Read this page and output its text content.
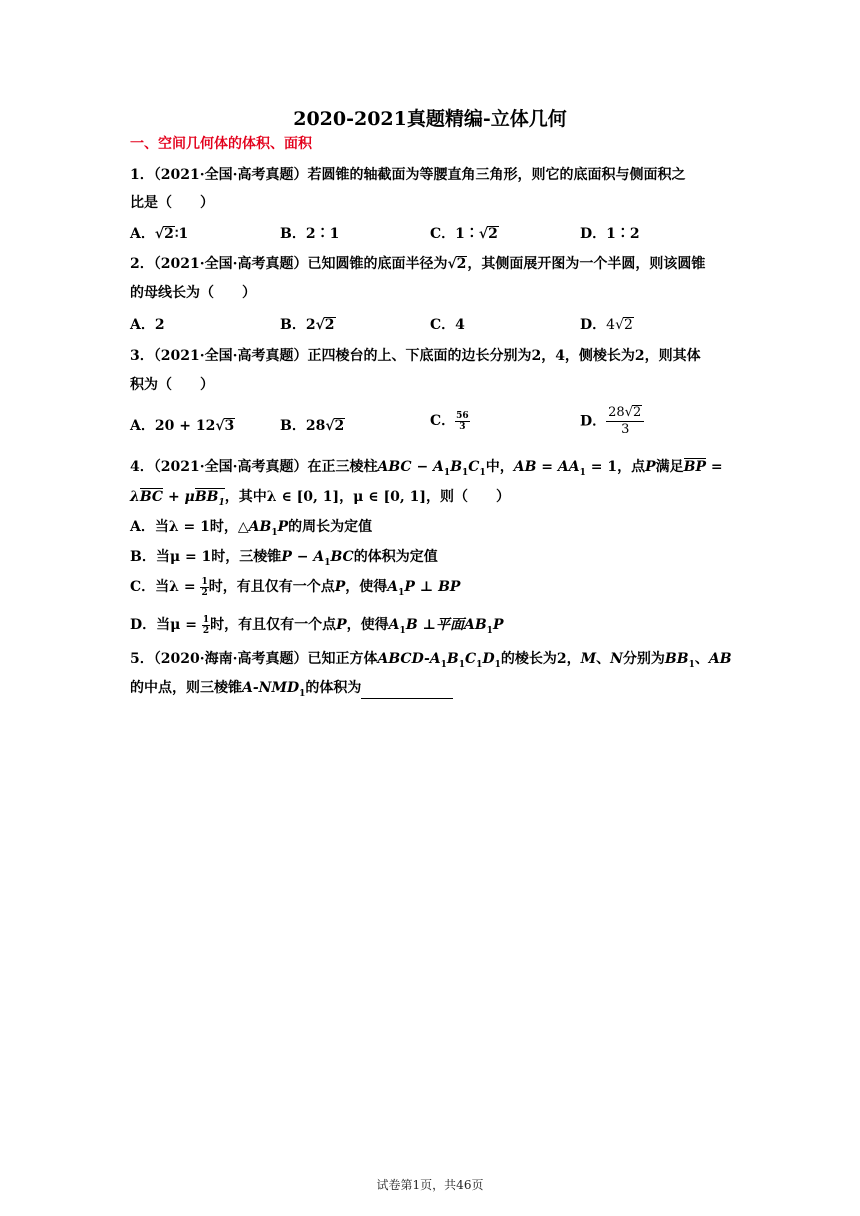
2020-2021真题精编-立体几何
一、空间几何体的体积、面积
1．（2021·全国·高考真题）若圆锥的轴截面为等腰直角三角形，则它的底面积与侧面积之
比是（　　）
A．√2∶1	B．2∶1	C．1∶√2	D．1∶2
2．（2021·全国·高考真题）已知圆锥的底面半径为√2，其侧面展开图为一个半圆，则该圆锥
的母线长为（　　）
A．2	B．2√2	C．4	D．4√2
3．（2021·全国·高考真题）正四棱台的上、下底面的边长分别为2，4，侧棱长为2，则其体
积为（　　）
A．20 + 12√3	B．28√2	C． $\frac{56}{3}$	D． $\frac{28√2}{3}$
4．（2021·全国·高考真题）在正三棱柱ABC − $A_1B_1C_1$中，AB = $AA_1 = 1$，点P满足BP =
λBC + μBB$_1$，其中λ ∈ [0, 1]，μ ∈ [0, 1]，则（　　）
A．当λ = 1时，$\triangle AB_1P$的周长为定值
B．当μ = 1时，三棱锥$P - A_1BC$的体积为定值
C．当$\lambda = \frac{1}{2}$ 时，有且仅有一个点P，使得$A_1P$ ⊥ BP
D．当$\mu = \frac{1}{2}$ 时，有且仅有一个点P，使得$A_1B$ ⊥平面$AB_1P$
5．（2020·海南·高考真题）已知正方体ABCD-$A_1B_1C_1D_1$的棱长为2，M、N分别为$BB_1$、AB
的中点，则三棱锥$A-NMD_1$的体积为
试卷第1页，共46页
